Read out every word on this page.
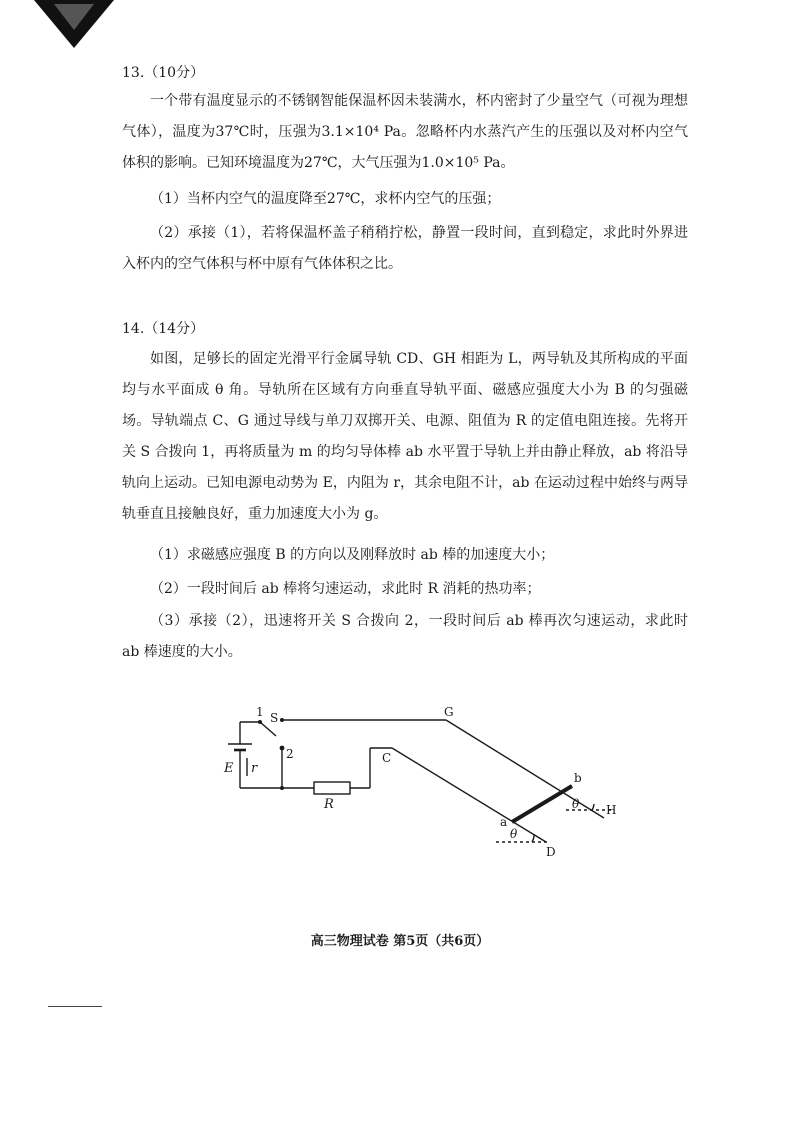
13.（10分）
一个带有温度显示的不锈钢智能保温杯因未装满水，杯内密封了少量空气（可视为理想气体），温度为37℃时，压强为3.1×10⁴ Pa。忽略杯内水蒸汽产生的压强以及对杯内空气体积的影响。已知环境温度为27℃，大气压强为1.0×10⁵ Pa。
（1）当杯内空气的温度降至27℃，求杯内空气的压强；
（2）承接（1），若将保温杯盖子稍稍拧松，静置一段时间，直到稳定，求此时外界进入杯内的空气体积与杯中原有气体体积之比。
14.（14分）
如图，足够长的固定光滑平行金属导轨 CD、GH 相距为 L，两导轨及其所构成的平面均与水平面成 θ 角。导轨所在区域有方向垂直导轨平面、磁感应强度大小为 B 的匀强磁场。导轨端点 C、G 通过导线与单刀双掷开关、电源、阻值为 R 的定值电阻连接。先将开关 S 合拨向 1，再将质量为 m 的均匀导体棒 ab 水平置于导轨上并由静止释放，ab 将沿导轨向上运动。已知电源电动势为 E，内阻为 r，其余电阻不计，ab 在运动过程中始终与两导轨垂直且接触良好，重力加速度大小为 g。
（1）求磁感应强度 B 的方向以及刚释放时 ab 棒的加速度大小；
（2）一段时间后 ab 棒将匀速运动，求此时 R 消耗的热功率；
（3）承接（2），迅速将开关 S 合拨向 2，一段时间后 ab 棒再次匀速运动，求此时 ab 棒速度的大小。
1 S
2
E r
R
C
G
a
b
H
D
θ
θ
高三物理试卷 第5页（共6页）
